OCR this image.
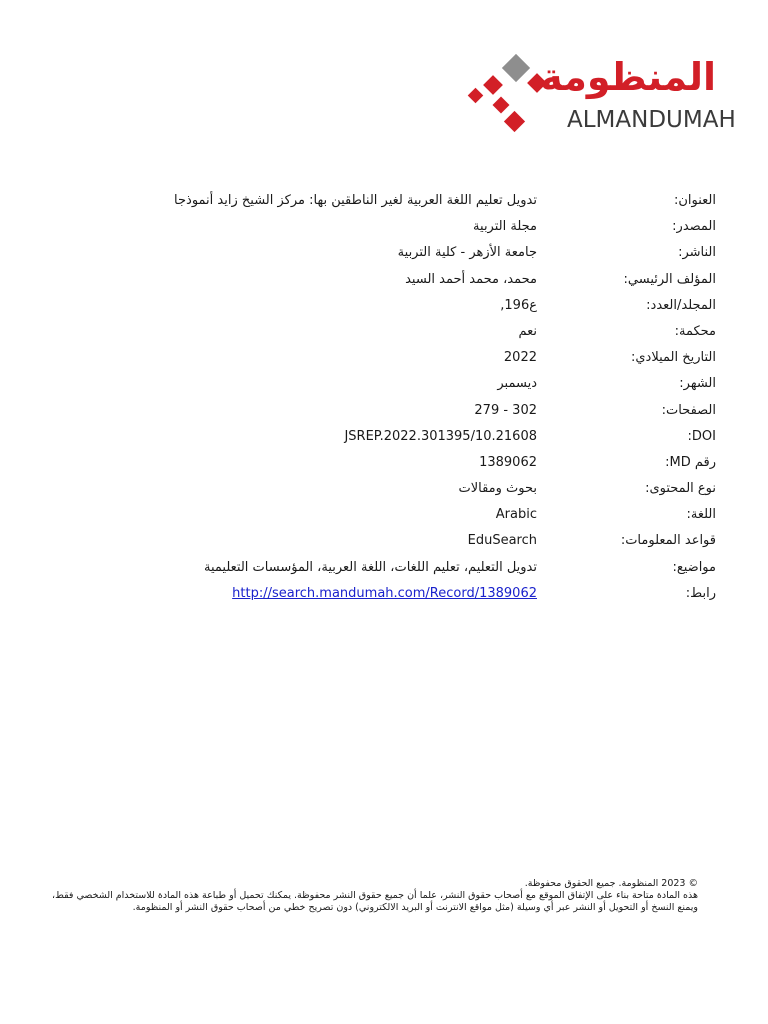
المنظومة
ALMANDUMAH
العنوان:
تدويل تعليم اللغة العربية لغير الناطقين بها: مركز الشيخ زايد أنموذجا
المصدر:
مجلة التربية
الناشر:
جامعة الأزهر - كلية التربية
المؤلف الرئيسي:
محمد، محمد أحمد السيد
المجلد/العدد:
ع196,
محكمة:
نعم
التاريخ الميلادي:
2022
الشهر:
ديسمبر
الصفحات:
279 - 302
DOI:
10.21608/JSREP.2022.301395
رقم MD:
1389062
نوع المحتوى:
بحوث ومقالات
اللغة:
Arabic
قواعد المعلومات:
EduSearch
مواضيع:
تدويل التعليم، تعليم اللغات، اللغة العربية، المؤسسات التعليمية
رابط:
http://search.mandumah.com/Record/1389062

© 2023 المنظومة. جميع الحقوق محفوظة.

هذه المادة متاحة بناء على الإتفاق الموقع مع أصحاب حقوق النشر، علما أن جميع حقوق النشر محفوظة. يمكنك تحميل أو طباعة هذه المادة للاستخدام الشخصي فقط، ويمنع النسخ أو التحويل أو النشر عبر أي وسيلة (مثل مواقع الانترنت أو البريد الالكتروني) دون تصريح خطي من أصحاب حقوق النشر أو المنظومة.
